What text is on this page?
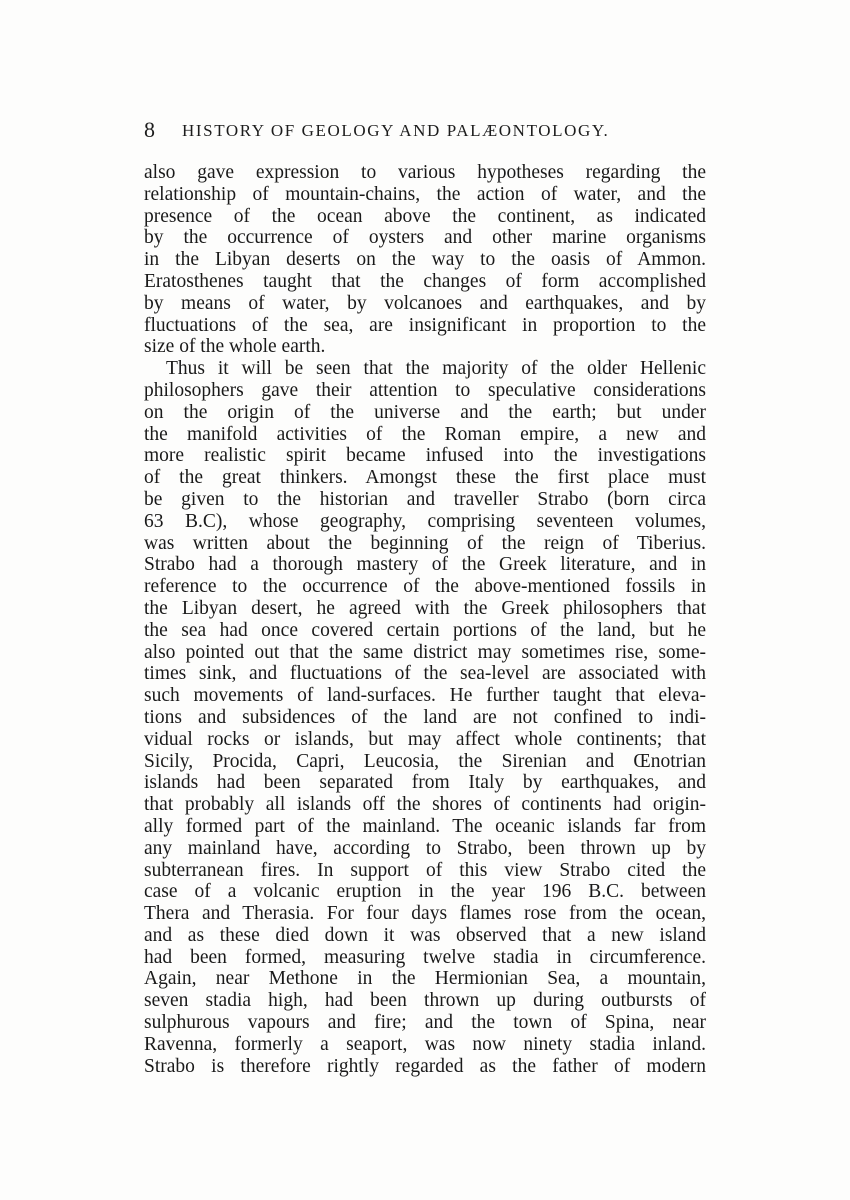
8 HISTORY OF GEOLOGY AND PALÆONTOLOGY.
also gave expression to various hypotheses regarding the
relationship of mountain-chains, the action of water, and the
presence of the ocean above the continent, as indicated
by the occurrence of oysters and other marine organisms
in the Libyan deserts on the way to the oasis of Ammon.
Eratosthenes taught that the changes of form accomplished
by means of water, by volcanoes and earthquakes, and by
fluctuations of the sea, are insignificant in proportion to the
size of the whole earth.
Thus it will be seen that the majority of the older Hellenic
philosophers gave their attention to speculative considerations
on the origin of the universe and the earth; but under
the manifold activities of the Roman empire, a new and
more realistic spirit became infused into the investigations
of the great thinkers. Amongst these the first place must
be given to the historian and traveller Strabo (born circa
63 B.C), whose geography, comprising seventeen volumes,
was written about the beginning of the reign of Tiberius.
Strabo had a thorough mastery of the Greek literature, and in
reference to the occurrence of the above-mentioned fossils in
the Libyan desert, he agreed with the Greek philosophers that
the sea had once covered certain portions of the land, but he
also pointed out that the same district may sometimes rise, some-
times sink, and fluctuations of the sea-level are associated with
such movements of land-surfaces. He further taught that eleva-
tions and subsidences of the land are not confined to indi-
vidual rocks or islands, but may affect whole continents; that
Sicily, Procida, Capri, Leucosia, the Sirenian and Œnotrian
islands had been separated from Italy by earthquakes, and
that probably all islands off the shores of continents had origin-
ally formed part of the mainland. The oceanic islands far from
any mainland have, according to Strabo, been thrown up by
subterranean fires. In support of this view Strabo cited the
case of a volcanic eruption in the year 196 B.C. between
Thera and Therasia. For four days flames rose from the ocean,
and as these died down it was observed that a new island
had been formed, measuring twelve stadia in circumference.
Again, near Methone in the Hermionian Sea, a mountain,
seven stadia high, had been thrown up during outbursts of
sulphurous vapours and fire; and the town of Spina, near
Ravenna, formerly a seaport, was now ninety stadia inland.
Strabo is therefore rightly regarded as the father of modern
